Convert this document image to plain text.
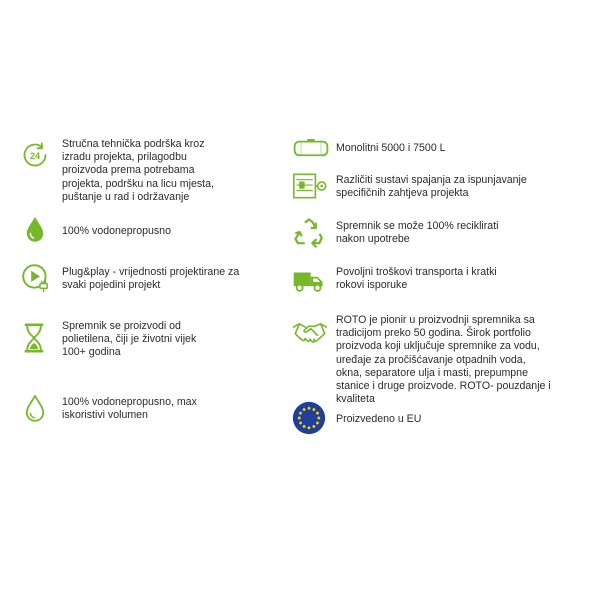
24
Stručna tehnička podrška kroz
izradu projekta, prilagodbu
proizvoda prema potrebama
projekta, podršku na licu mjesta,
puštanje u rad i održavanje
100% vodonepropusno
Plug&play - vrijednosti projektirane za
svaki pojedini projekt
Spremnik se proizvodi od
polietilena, čiji je životni vijek
100+ godina
100% vodonepropusno, max
iskoristivi volumen
Monolitni 5000 i 7500 L
Različiti sustavi spajanja za ispunjavanje
specifičnih zahtjeva projekta
Spremnik se može 100% reciklirati
nakon upotrebe
Povoljni troškovi transporta i kratki
rokovi isporuke
ROTO je pionir u proizvodnji spremnika sa
tradicijom preko 50 godina. Širok portfolio
proizvoda koji uključuje spremnike za vodu,
uređaje za pročišćavanje otpadnih voda,
okna, separatore ulja i masti, prepumpne
stanice i druge proizvode. ROTO- pouzdanje i
kvaliteta
Proizvedeno u EU
